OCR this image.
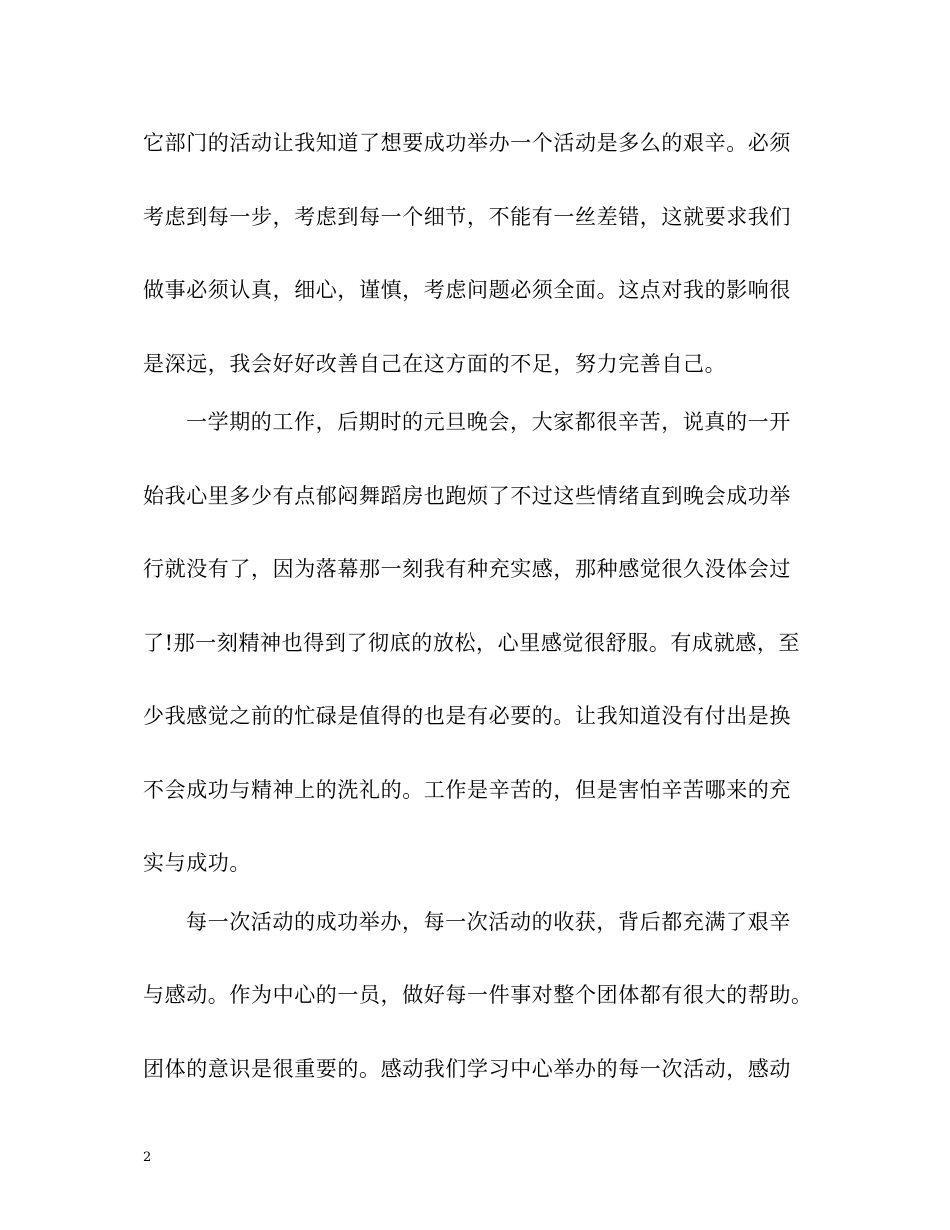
它部门的活动让我知道了想要成功举办一个活动是多么的艰辛。必须
考虑到每一步，考虑到每一个细节，不能有一丝差错，这就要求我们
做事必须认真，细心，谨慎，考虑问题必须全面。这点对我的影响很
是深远，我会好好改善自己在这方面的不足，努力完善自己。
一学期的工作，后期时的元旦晚会，大家都很辛苦，说真的一开
始我心里多少有点郁闷舞蹈房也跑烦了不过这些情绪直到晚会成功举
行就没有了，因为落幕那一刻我有种充实感，那种感觉很久没体会过
了!那一刻精神也得到了彻底的放松，心里感觉很舒服。有成就感，至
少我感觉之前的忙碌是值得的也是有必要的。让我知道没有付出是换
不会成功与精神上的洗礼的。工作是辛苦的，但是害怕辛苦哪来的充
实与成功。
每一次活动的成功举办，每一次活动的收获，背后都充满了艰辛
与感动。作为中心的一员，做好每一件事对整个团体都有很大的帮助。
团体的意识是很重要的。感动我们学习中心举办的每一次活动，感动
2
